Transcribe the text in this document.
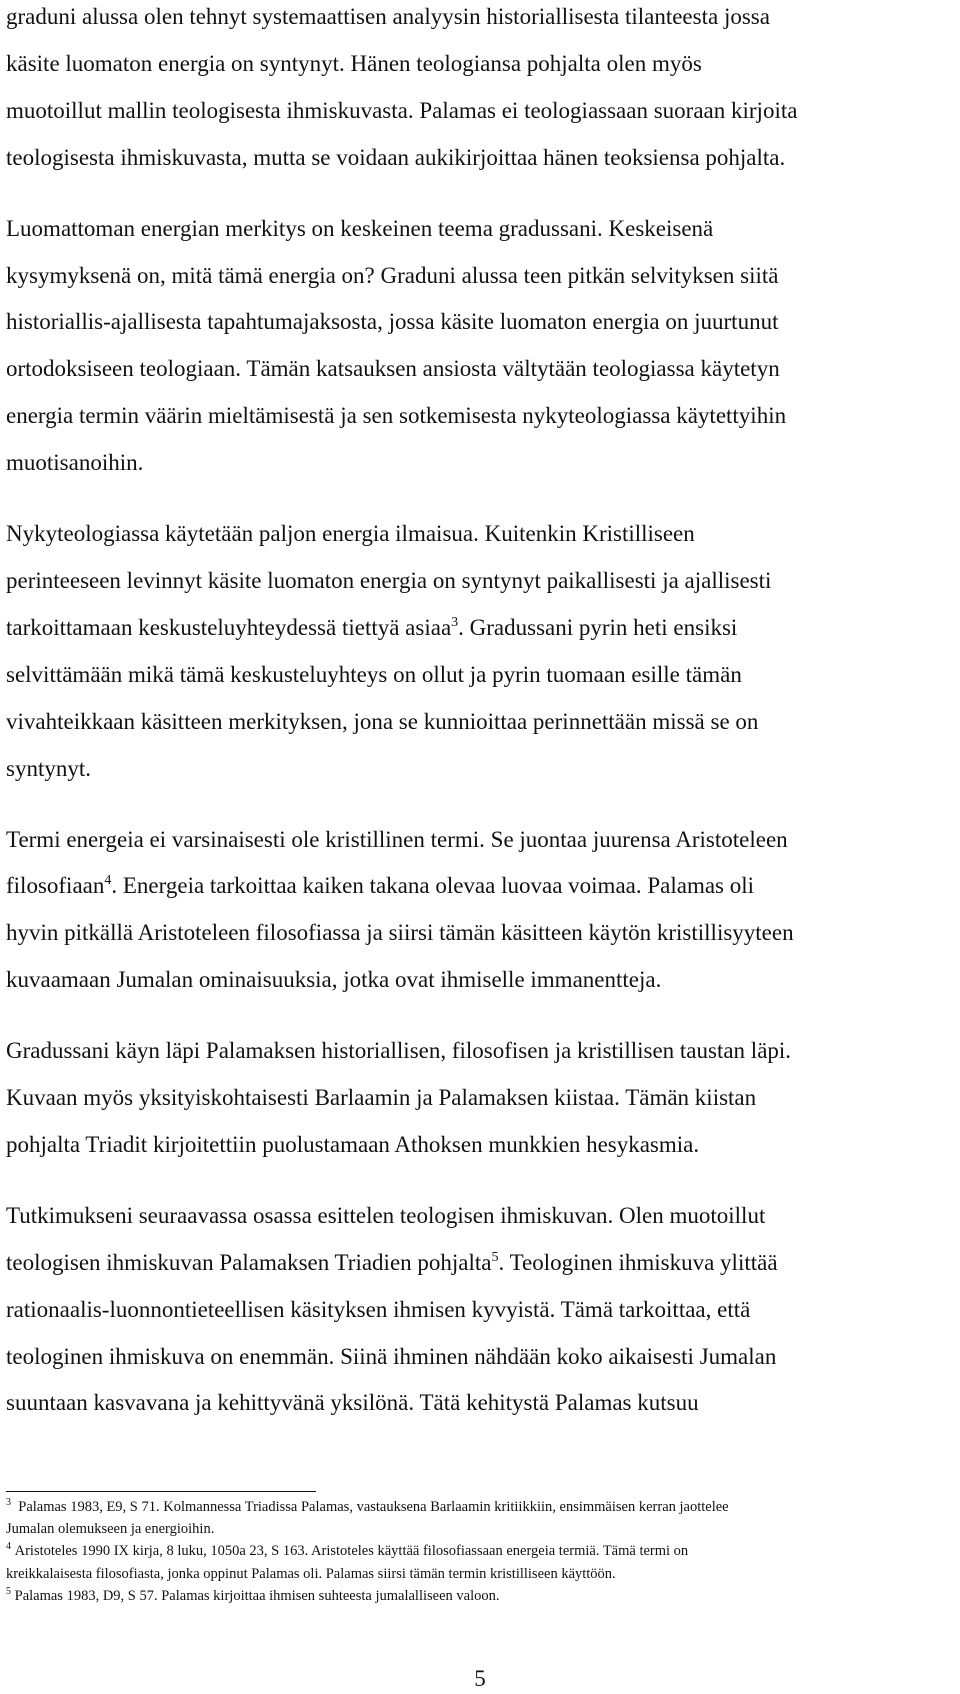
graduni alussa olen tehnyt systemaattisen analyysin historiallisesta tilanteesta jossa
käsite luomaton energia on syntynyt. Hänen teologiansa pohjalta olen myös
muotoillut mallin teologisesta ihmiskuvasta. Palamas ei teologiassaan suoraan kirjoita
teologisesta ihmiskuvasta, mutta se voidaan aukikirjoittaa hänen teoksiensa pohjalta.

Luomattoman energian merkitys on keskeinen teema gradussani. Keskeisenä
kysymyksenä on, mitä tämä energia on? Graduni alussa teen pitkän selvityksen siitä
historiallis-ajallisesta tapahtumajaksosta, jossa käsite luomaton energia on juurtunut
ortodoksiseen teologiaan. Tämän katsauksen ansiosta vältytään teologiassa käytetyn
energia termin väärin mieltämisestä ja sen sotkemisesta nykyteologiassa käytettyihin
muotisanoihin.

Nykyteologiassa käytetään paljon energia ilmaisua. Kuitenkin Kristilliseen
perinteeseen levinnyt käsite luomaton energia on syntynyt paikallisesti ja ajallisesti
tarkoittamaan keskusteluyhteydessä tiettyä asiaa$^3$. Gradussani pyrin heti ensiksi
selvittämään mikä tämä keskusteluyhteys on ollut ja pyrin tuomaan esille tämän
vivahteikkaan käsitteen merkityksen, jona se kunnioittaa perinnettään missä se on
syntynyt.

Termi energeia ei varsinaisesti ole kristillinen termi. Se juontaa juurensa Aristoteleen
filosofiaan$^4$. Energeia tarkoittaa kaiken takana olevaa luovaa voimaa. Palamas oli
hyvin pitkällä Aristoteleen filosofiassa ja siirsi tämän käsitteen käytön kristillisyyteen
kuvaamaan Jumalan ominaisuuksia, jotka ovat ihmiselle immanentteja.

Gradussani käyn läpi Palamaksen historiallisen, filosofisen ja kristillisen taustan läpi.
Kuvaan myös yksityiskohtaisesti Barlaamin ja Palamaksen kiistaa. Tämän kiistan
pohjalta Triadit kirjoitettiin puolustamaan Athoksen munkkien hesykasmia.

Tutkimukseni seuraavassa osassa esittelen teologisen ihmiskuvan. Olen muotoillut
teologisen ihmiskuvan Palamaksen Triadien pohjalta$^5$. Teologinen ihmiskuva ylittää
rationaalis-luonnontieteellisen käsityksen ihmisen kyvyistä. Tämä tarkoittaa, että
teologinen ihmiskuva on enemmän. Siinä ihminen nähdään koko aikaisesti Jumalan
suuntaan kasvavana ja kehittyvänä yksilönä. Tätä kehitystä Palamas kutsuu

$^3$ Palamas 1983, E9, S 71. Kolmannessa Triadissa Palamas, vastauksena Barlaamin kritiikkiin, ensimmäisen kerran jaottelee
Jumalan olemukseen ja energioihin.
$^4$ Aristoteles 1990 IX kirja, 8 luku, 1050a 23, S 163. Aristoteles käyttää filosofiassaan energeia termiä. Tämä termi on
kreikkalaisesta filosofiasta, jonka oppinut Palamas oli. Palamas siirsi tämän termin kristilliseen käyttöön.
$^5$ Palamas 1983, D9, S 57. Palamas kirjoittaa ihmisen suhteesta jumalalliseen valoon.
5
